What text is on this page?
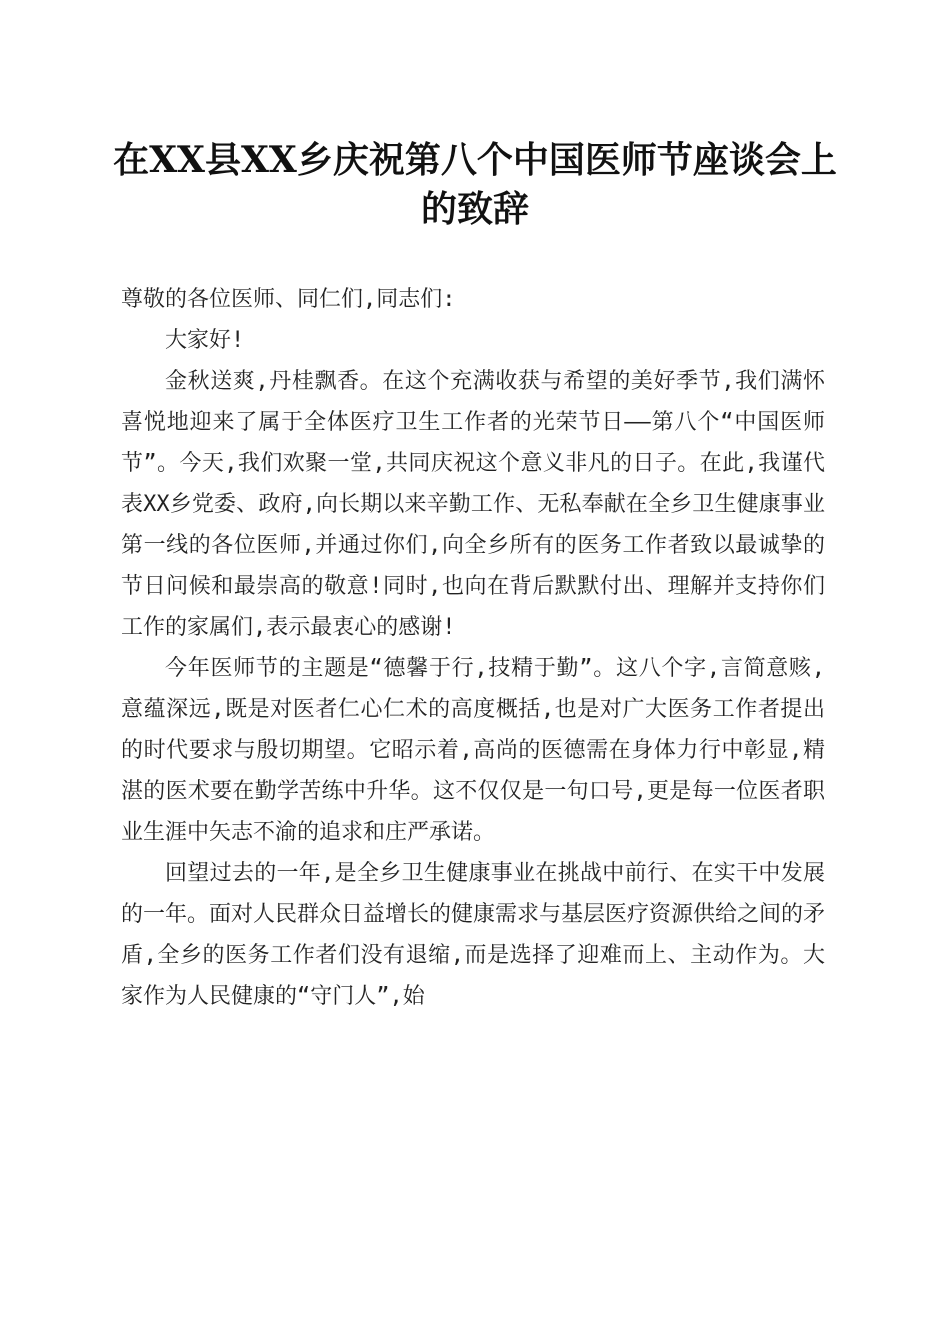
在XX县XX乡庆祝第八个中国医师节座谈会上的致辞

尊敬的各位医师、同仁们,同志们:

大家好!

金秋送爽,丹桂飘香。在这个充满收获与希望的美好季节,我们满怀喜悦地迎来了属于全体医疗卫生工作者的光荣节日——第八个“中国医师节”。今天,我们欢聚一堂,共同庆祝这个意义非凡的日子。在此,我谨代表XX乡党委、政府,向长期以来辛勤工作、无私奉献在全乡卫生健康事业第一线的各位医师,并通过你们,向全乡所有的医务工作者致以最诚挚的节日问候和最崇高的敬意!同时,也向在背后默默付出、理解并支持你们工作的家属们,表示最衷心的感谢!

今年医师节的主题是“德馨于行,技精于勤”。这八个字,言简意赅,意蕴深远,既是对医者仁心仁术的高度概括,也是对广大医务工作者提出的时代要求与殷切期望。它昭示着,高尚的医德需在身体力行中彰显,精湛的医术要在勤学苦练中升华。这不仅仅是一句口号,更是每一位医者职业生涯中矢志不渝的追求和庄严承诺。

回望过去的一年,是全乡卫生健康事业在挑战中前行、在实干中发展的一年。面对人民群众日益增长的健康需求与基层医疗资源供给之间的矛盾,全乡的医务工作者们没有退缩,而是选择了迎难而上、主动作为。大家作为人民健康的“守门人”,始
